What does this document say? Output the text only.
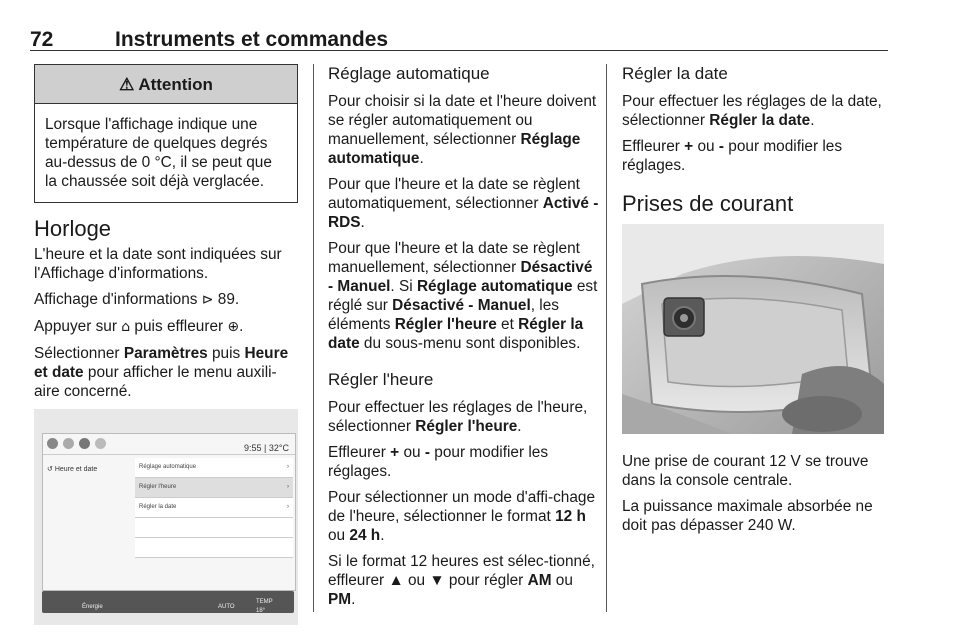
72	Instruments et commandes
⚠ Attention
Lorsque l'affichage indique une température de quelques degrés au-dessus de 0 °C, il se peut que la chaussée soit déjà verglacée.
Horloge

L'heure et la date sont indiquées sur l'Affichage d'informations.

Affichage d'informations ⊳ 89.

Appuyer sur ⌂ puis effleurer ⊕.

Sélectionner Paramètres puis Heure et date pour afficher le menu auxili-aire concerné.

9:55 | 32°C
↺ Heure et date	Réglage automatique	›
Régler l'heure	›
Régler la date	›
Énergie	AUTO
TEMP
18°
Réglage automatique

Pour choisir si la date et l'heure doivent se régler automatiquement ou manuellement, sélectionner Réglage automatique.

Pour que l'heure et la date se règlent automatiquement, sélectionner Activé - RDS.

Pour que l'heure et la date se règlent manuellement, sélectionner Désactivé - Manuel. Si Réglage automatique est réglé sur Désactivé - Manuel, les éléments Régler l'heure et Régler la date du sous-menu sont disponibles.

Régler l'heure

Pour effectuer les réglages de l'heure, sélectionner Régler l'heure.

Effleurer + ou - pour modifier les réglages.

Pour sélectionner un mode d'affi-chage de l'heure, sélectionner le format 12 h ou 24 h.

Si le format 12 heures est sélec-tionné, effleurer ▲ ou ▼ pour régler AM ou PM.

Régler la date

Pour effectuer les réglages de la date, sélectionner Régler la date.

Effleurer + ou - pour modifier les réglages.

Prises de courant

Une prise de courant 12 V se trouve dans la console centrale.

La puissance maximale absorbée ne doit pas dépasser 240 W.
